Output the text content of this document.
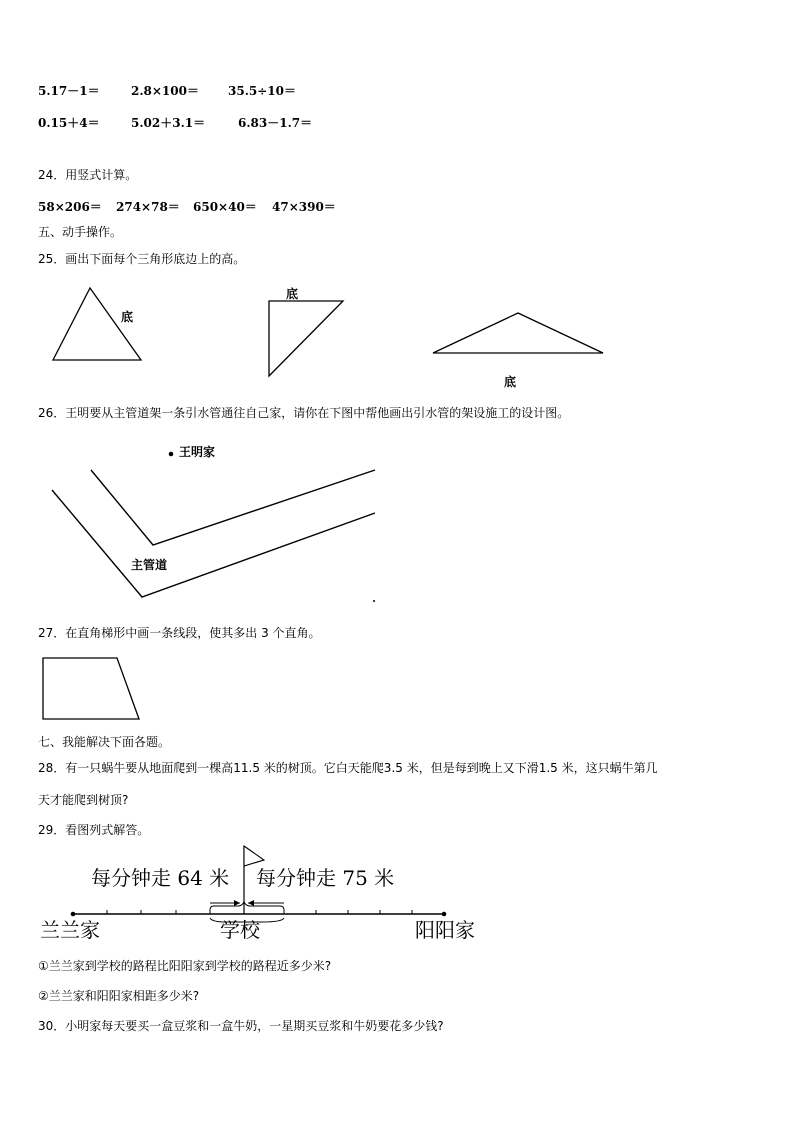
5.17－1＝	2.8×100＝ 35.5÷10＝
0.15＋4＝	5.02＋3.1＝	6.83－1.7＝
24．用竖式计算。
58×206＝ 274×78＝ 650×40＝ 47×390＝
五、动手操作。
25．画出下面每个三角形底边上的高。
底
底
底
26．王明要从主管道架一条引水管通往自己家，请你在下图中帮他画出引水管的架设施工的设计图。
王明家
主管道
27．在直角梯形中画一条线段，使其多出 3 个直角。
七、我能解决下面各题。
28．有一只蜗牛要从地面爬到一棵高11.5 米的树顶。它白天能爬3.5 米，但是每到晚上又下滑1.5 米，这只蜗牛第几
天才能爬到树顶?
29．看图列式解答。
每分钟走 64 米 每分钟走 75 米
兰兰家	学校	阳阳家
①兰兰家到学校的路程比阳阳家到学校的路程近多少米?
②兰兰家和阳阳家相距多少米?
30．小明家每天要买一盒豆浆和一盒牛奶，一星期买豆浆和牛奶要花多少钱?
